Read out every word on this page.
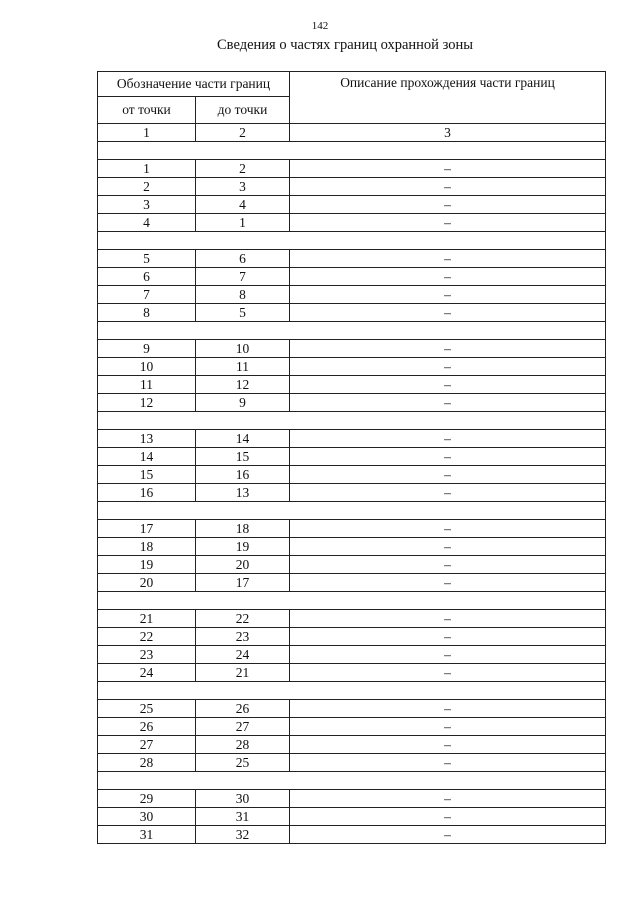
142
Сведения о частях границ охранной зоны
Обозначение части границ		Описание прохождения части границ
от точки	до точки	
1	2	3

1	2	–
2	3	–
3	4	–
4	1	–

5	6	–
6	7	–
7	8	–
8	5	–

9	10	–
10	11	–
11	12	–
12	9	–

13	14	–
14	15	–
15	16	–
16	13	–

17	18	–
18	19	–
19	20	–
20	17	–

21	22	–
22	23	–
23	24	–
24	21	–

25	26	–
26	27	–
27	28	–
28	25	–

29	30	–
30	31	–
31	32	–
